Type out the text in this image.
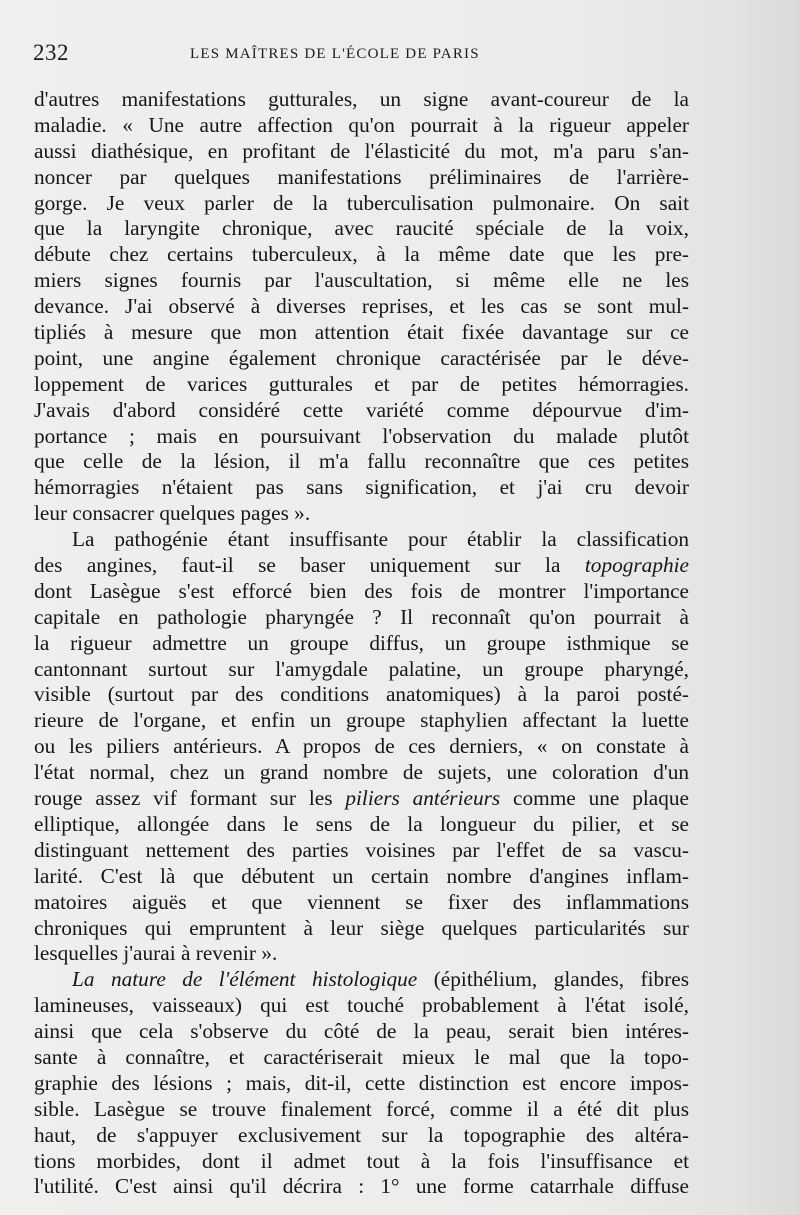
232	LES MAÎTRES DE L'ÉCOLE DE PARIS
d'autres manifestations gutturales, un signe avant-coureur de la
maladie. « Une autre affection qu'on pourrait à la rigueur appeler
aussi diathésique, en profitant de l'élasticité du mot, m'a paru s'an-
noncer par quelques manifestations préliminaires de l'arrière-
gorge. Je veux parler de la tuberculisation pulmonaire. On sait
que la laryngite chronique, avec raucité spéciale de la voix,
débute chez certains tuberculeux, à la même date que les pre-
miers signes fournis par l'auscultation, si même elle ne les
devance. J'ai observé à diverses reprises, et les cas se sont mul-
tipliés à mesure que mon attention était fixée davantage sur ce
point, une angine également chronique caractérisée par le déve-
loppement de varices gutturales et par de petites hémorragies.
J'avais d'abord considéré cette variété comme dépourvue d'im-
portance ; mais en poursuivant l'observation du malade plutôt
que celle de la lésion, il m'a fallu reconnaître que ces petites
hémorragies n'étaient pas sans signification, et j'ai cru devoir
leur consacrer quelques pages ».
La pathogénie étant insuffisante pour établir la classification
des angines, faut-il se baser uniquement sur la topographie
dont Lasègue s'est efforcé bien des fois de montrer l'importance
capitale en pathologie pharyngée ? Il reconnaît qu'on pourrait à
la rigueur admettre un groupe diffus, un groupe isthmique se
cantonnant surtout sur l'amygdale palatine, un groupe pharyngé,
visible (surtout par des conditions anatomiques) à la paroi posté-
rieure de l'organe, et enfin un groupe staphylien affectant la luette
ou les piliers antérieurs. A propos de ces derniers, « on constate à
l'état normal, chez un grand nombre de sujets, une coloration d'un
rouge assez vif formant sur les piliers antérieurs comme une plaque
elliptique, allongée dans le sens de la longueur du pilier, et se
distinguant nettement des parties voisines par l'effet de sa vascu-
larité. C'est là que débutent un certain nombre d'angines inflam-
matoires aiguës et que viennent se fixer des inflammations
chroniques qui empruntent à leur siège quelques particularités sur
lesquelles j'aurai à revenir ».
La nature de l'élément histologique (épithélium, glandes, fibres
lamineuses, vaisseaux) qui est touché probablement à l'état isolé,
ainsi que cela s'observe du côté de la peau, serait bien intéres-
sante à connaître, et caractériserait mieux le mal que la topo-
graphie des lésions ; mais, dit-il, cette distinction est encore impos-
sible. Lasègue se trouve finalement forcé, comme il a été dit plus
haut, de s'appuyer exclusivement sur la topographie des altéra-
tions morbides, dont il admet tout à la fois l'insuffisance et
l'utilité. C'est ainsi qu'il décrira : 1° une forme catarrhale diffuse
